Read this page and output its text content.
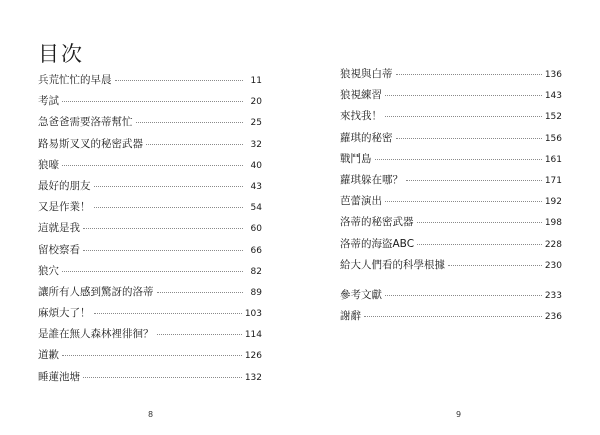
目次
兵荒忙忙的早晨	11
考試	20
急爸爸需要洛蒂幫忙	25
路易斯叉叉的秘密武器	32
狼嚎	40
最好的朋友	43
又是作業！	54
這就是我	60
留校察看	66
狼穴	82
讓所有人感到驚訝的洛蒂	89
麻煩大了！	103
是誰在無人森林裡徘徊？	114
道歉	126
睡蓮池塘	132
8
狼視與白蒂	136
狼視練習	143
來找我！	152
蘿琪的秘密	156
戰鬥島	161
蘿琪躲在哪？	171
芭蕾演出	192
洛蒂的秘密武器	198
洛蒂的海盜ABC	228
給大人們看的科學根據	230
參考文獻	233
謝辭	236
9
